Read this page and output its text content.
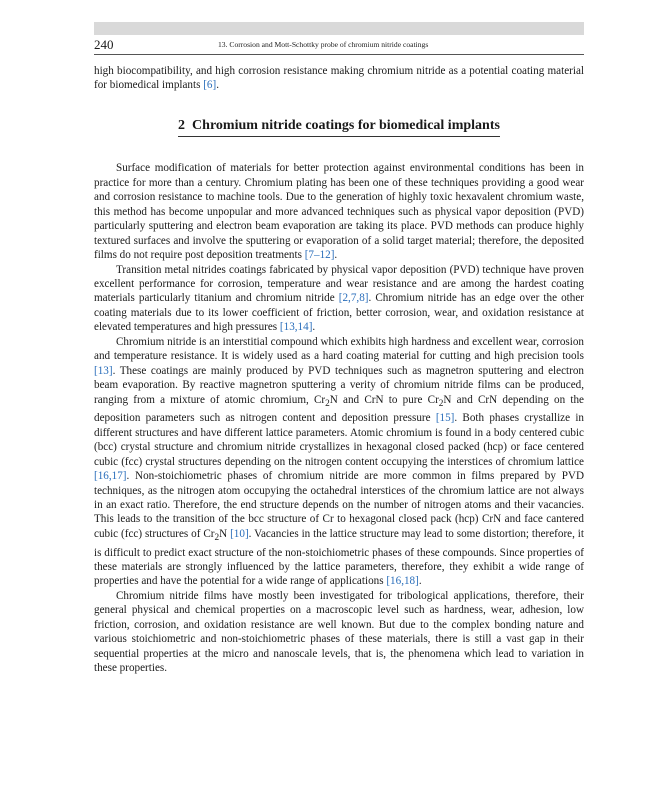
240	13. Corrosion and Mott-Schottky probe of chromium nitride coatings

high biocompatibility, and high corrosion resistance making chromium nitride as a potential coating material for biomedical implants [6].

2 Chromium nitride coatings for biomedical implants

Surface modification of materials for better protection against environmental conditions has been in practice for more than a century. Chromium plating has been one of these techniques providing a good wear and corrosion resistance to machine tools. Due to the generation of highly toxic hexavalent chromium waste, this method has become unpopular and more advanced techniques such as physical vapor deposition (PVD) particularly sputtering and electron beam evaporation are taking its place. PVD methods can produce highly textured surfaces and involve the sputtering or evaporation of a solid target material; therefore, the deposited films do not require post deposition treatments [7–12].

Transition metal nitrides coatings fabricated by physical vapor deposition (PVD) technique have proven excellent performance for corrosion, temperature and wear resistance and are among the hardest coating materials particularly titanium and chromium nitride [2,7,8]. Chromium nitride has an edge over the other coating materials due to its lower coefficient of friction, better corrosion, wear, and oxidation resistance at elevated temperatures and high pressures [13,14].

Chromium nitride is an interstitial compound which exhibits high hardness and excellent wear, corrosion and temperature resistance. It is widely used as a hard coating material for cutting and high precision tools [13]. These coatings are mainly produced by PVD techniques such as magnetron sputtering and electron beam evaporation. By reactive magnetron sputtering a verity of chromium nitride films can be produced, ranging from a mixture of atomic chromium, $Cr_2N$ and CrN to pure $Cr_2N$ and CrN depending on the deposition parameters such as nitrogen content and deposition pressure [15]. Both phases crystallize in different structures and have different lattice parameters. Atomic chromium is found in a body centered cubic (bcc) crystal structure and chromium nitride crystallizes in hexagonal closed packed (hcp) or face centered cubic (fcc) crystal structures depending on the nitrogen content occupying the interstices of chromium lattice [16,17]. Non-stoichiometric phases of chromium nitride are more common in films prepared by PVD techniques, as the nitrogen atom occupying the octahedral interstices of the chromium lattice are not always in an exact ratio. Therefore, the end structure depends on the number of nitrogen atoms and their vacancies. This leads to the transition of the bcc structure of Cr to hexagonal closed pack (hcp) CrN and face cantered cubic (fcc) structures of $Cr_2N$ [10]. Vacancies in the lattice structure may lead to some distortion; therefore, it is difficult to predict exact structure of the non-stoichiometric phases of these compounds. Since properties of these materials are strongly influenced by the lattice parameters, therefore, they exhibit a wide range of properties and have the potential for a wide range of applications [16,18].

Chromium nitride films have mostly been investigated for tribological applications, therefore, their general physical and chemical properties on a macroscopic level such as hardness, wear, adhesion, low friction, corrosion, and oxidation resistance are well known. But due to the complex bonding nature and various stoichiometric and non-stoichiometric phases of these materials, there is still a vast gap in their sequential properties at the micro and nanoscale levels, that is, the phenomena which lead to variation in these properties.
